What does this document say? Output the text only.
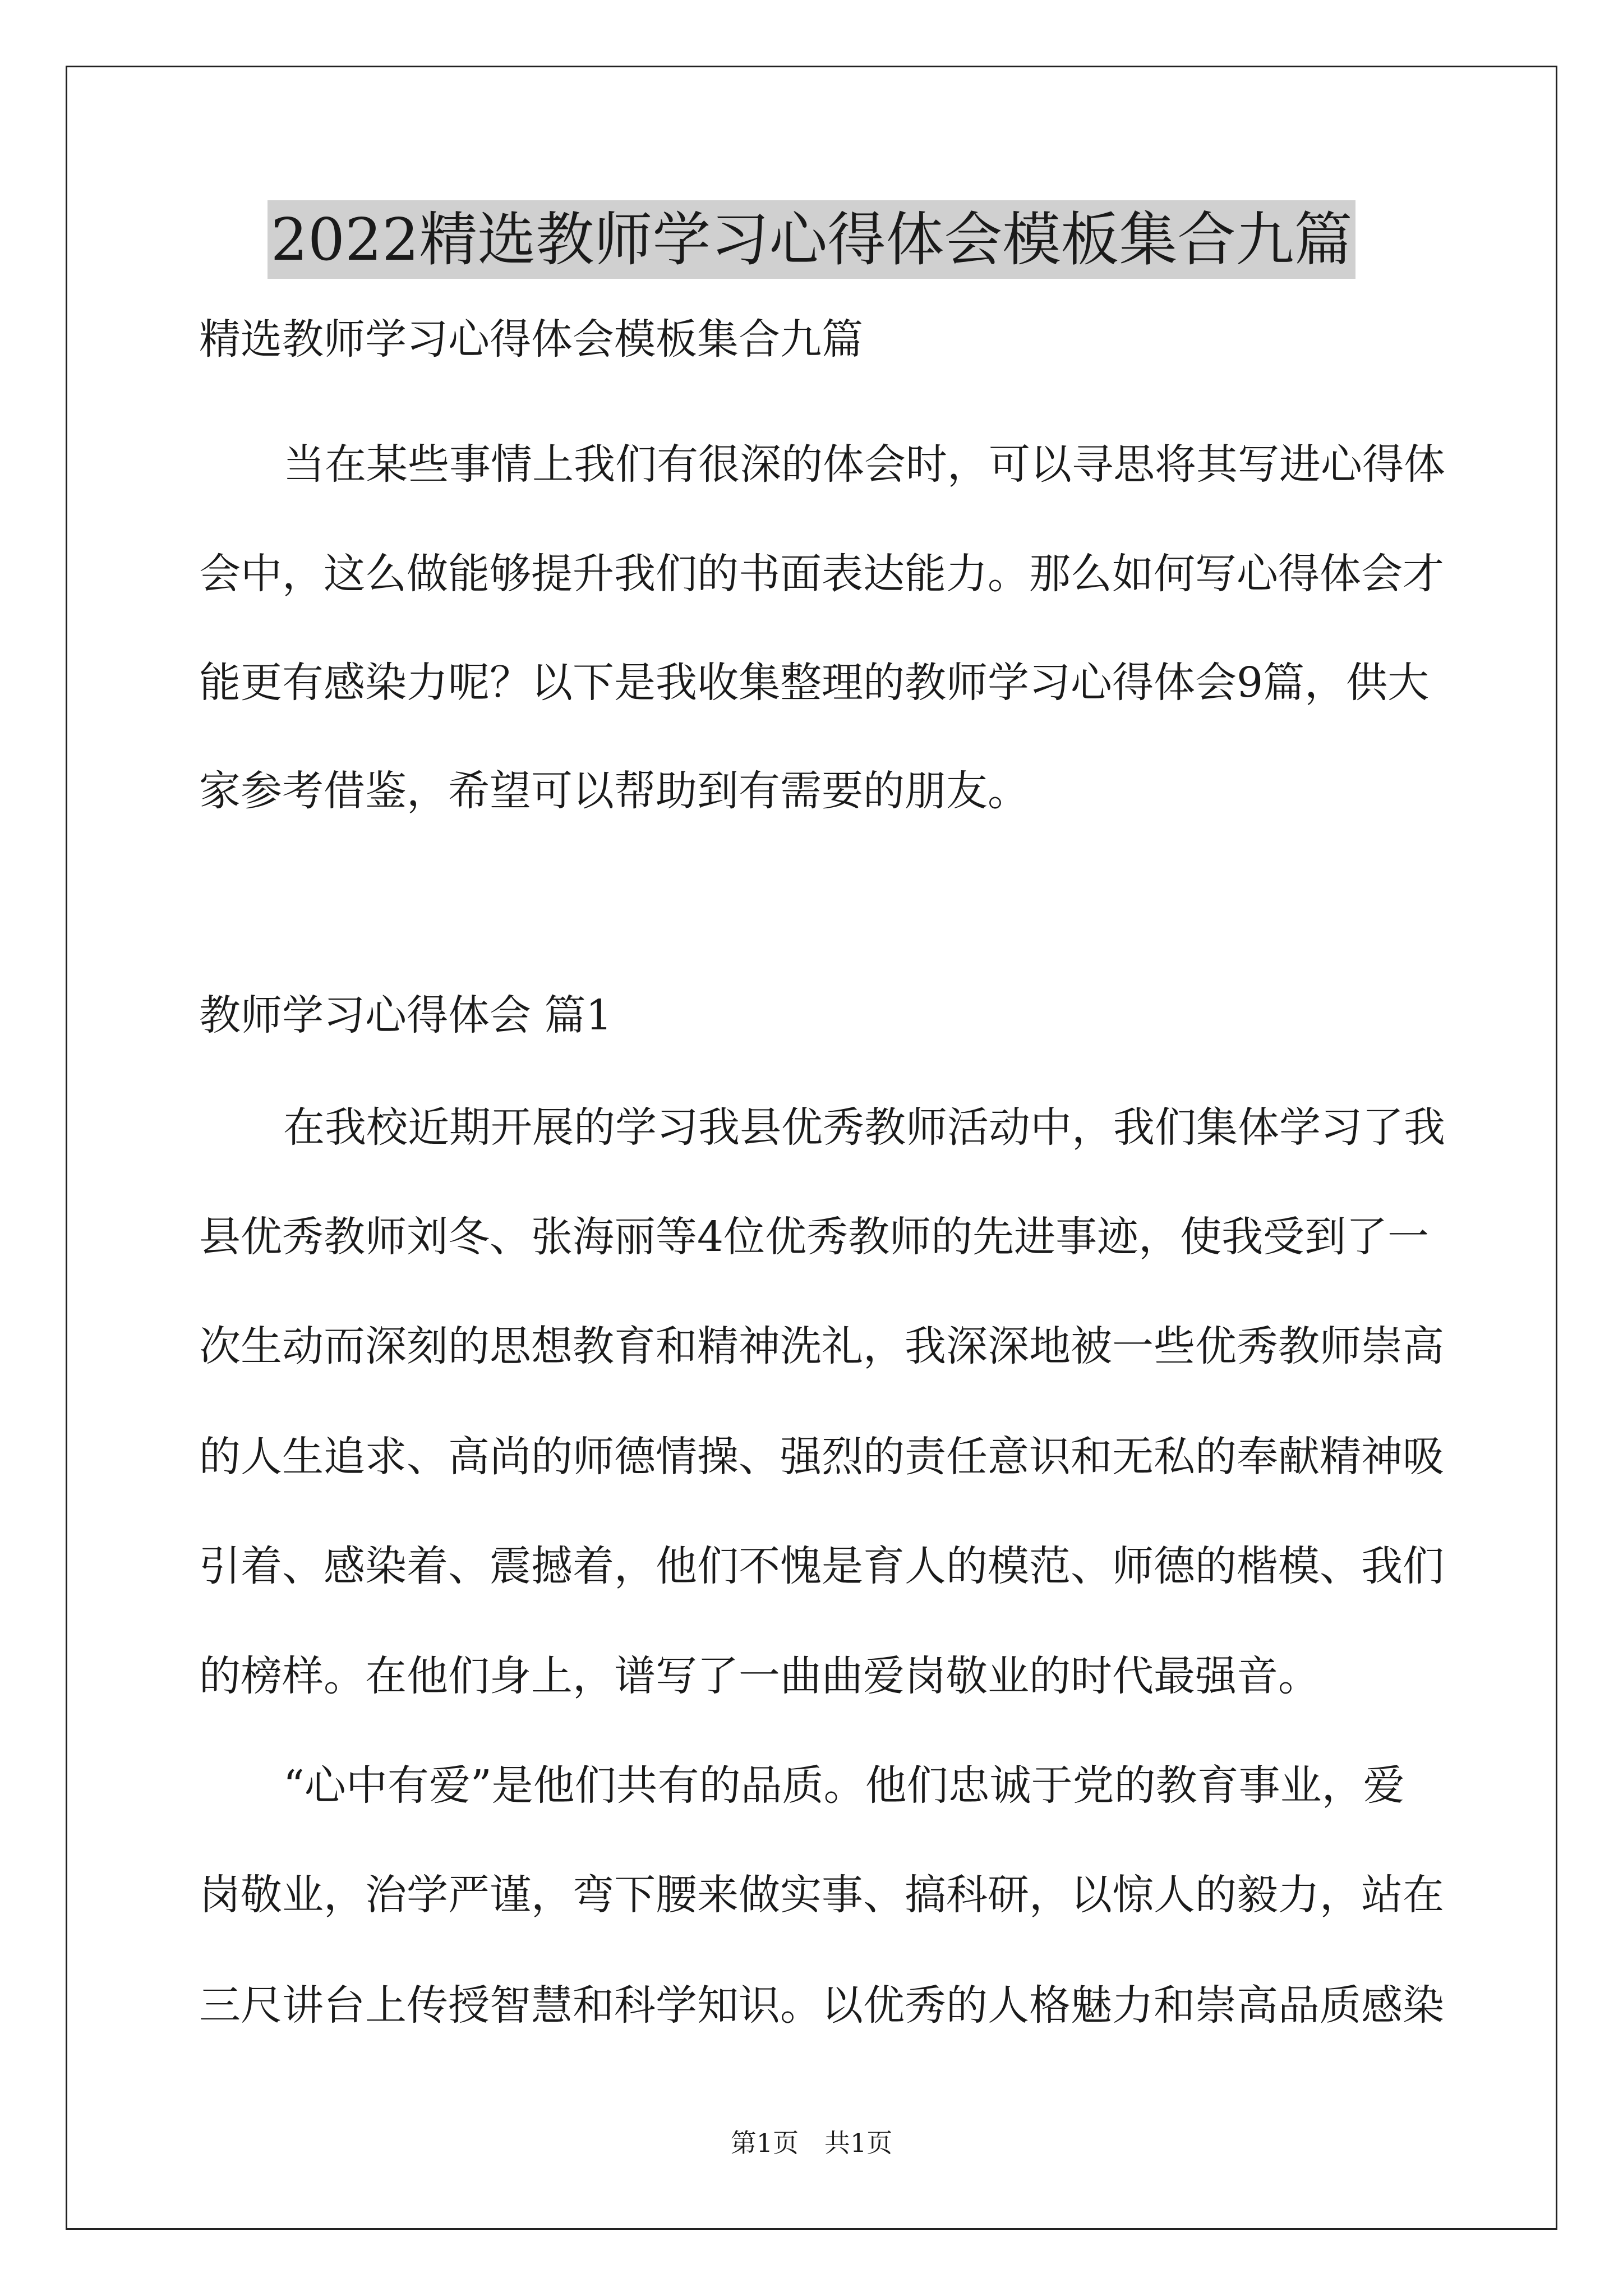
2022精选教师学习心得体会模板集合九篇
精选教师学习心得体会模板集合九篇
当在某些事情上我们有很深的体会时，可以寻思将其写进心得体
会中，这么做能够提升我们的书面表达能力。那么如何写心得体会才
能更有感染力呢？以下是我收集整理的教师学习心得体会9篇，供大
家参考借鉴，希望可以帮助到有需要的朋友。
教师学习心得体会 篇1
在我校近期开展的学习我县优秀教师活动中，我们集体学习了我
县优秀教师刘冬、张海丽等4位优秀教师的先进事迹，使我受到了一
次生动而深刻的思想教育和精神洗礼，我深深地被一些优秀教师崇高
的人生追求、高尚的师德情操、强烈的责任意识和无私的奉献精神吸
引着、感染着、震撼着，他们不愧是育人的模范、师德的楷模、我们
的榜样。在他们身上，谱写了一曲曲爱岗敬业的时代最强音。
“心中有爱”是他们共有的品质。他们忠诚于党的教育事业，爱
岗敬业，治学严谨，弯下腰来做实事、搞科研，以惊人的毅力，站在
三尺讲台上传授智慧和科学知识。以优秀的人格魅力和崇高品质感染
第1页　共1页
